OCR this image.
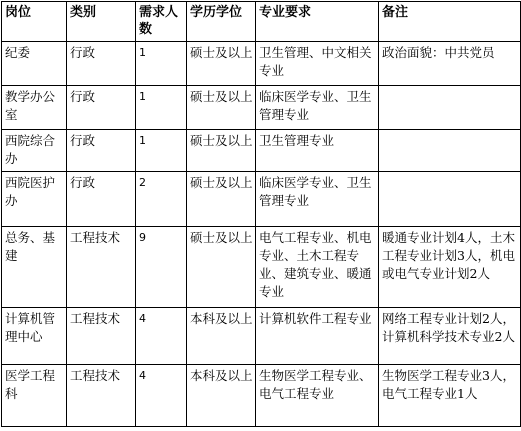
岗位	类别	需求人数	学历学位	专业要求	备注
纪委	行政	1	硕士及以上	卫生管理、中文相关专业	政治面貌：中共党员
教学办公室	行政	1	硕士及以上	临床医学专业、卫生管理专业	
西院综合办	行政	1	硕士及以上	卫生管理专业	
西院医护办	行政	2	硕士及以上	临床医学专业、卫生管理专业	
总务、基建	工程技术	9	硕士及以上	电气工程专业、机电专业、土木工程专业、建筑专业、暖通专业	暖通专业计划4人，土木工程专业计划3人，机电或电气专业计划2人
计算机管理中心	工程技术	4	本科及以上	计算机软件工程专业	网络工程专业计划2人，计算机科学技术专业2人
医学工程科	工程技术	4	本科及以上	生物医学工程专业、电气工程专业	生物医学工程专业3人，电气工程专业1人
